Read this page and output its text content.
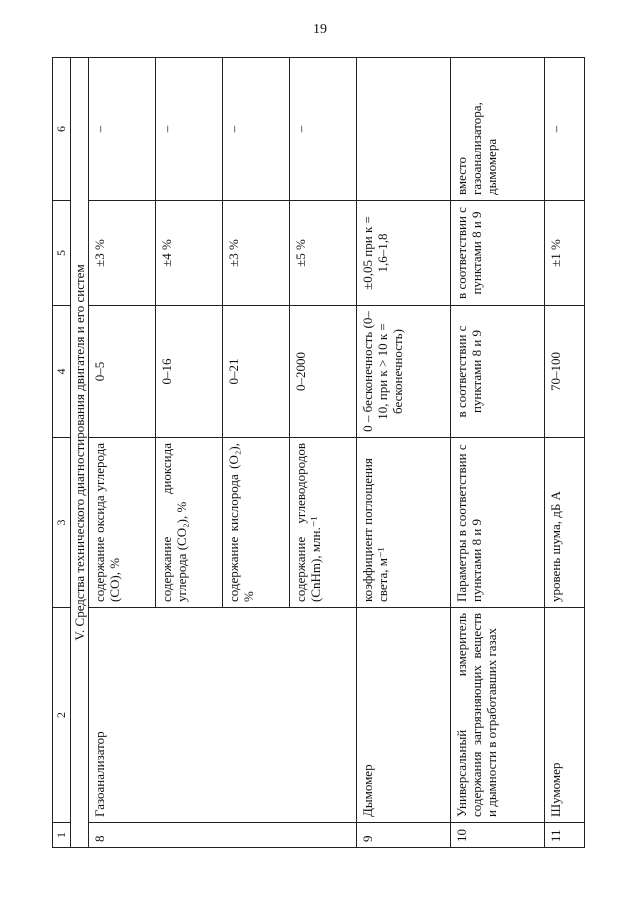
19
1	2	3	4	5	6
V. Средства технического диагностирования двигателя и его систем					
8	Газоанализатор	содержание оксида углерода (CO), %	0–5	±3 %	–
		содержание диоксида углерода (CO₂), %	0–16	±4 %	–
		содержание кислорода (O₂), %	0–21	±3 %	–
		содержание углеводородов (CnHm), млн.⁻¹	0–2000	±5 %	–
9	Дымомер	коэффициент поглощения света, м⁻¹	0 – бесконечность (0–10, при к > 10 к = бесконечность)	±0,05 при к = 1,6–1,8	
10	Универсальный измеритель содержания загрязняющих веществ и дымности в отработавших газах	Параметры в соответствии с пунктами 8 и 9	в соответствии с пунктами 8 и 9	в соответствии с пунктами 8 и 9	вместо газоанализатора, дымомера
11	Шумомер	уровень шума, дБ А	70–100	±1 %	–
